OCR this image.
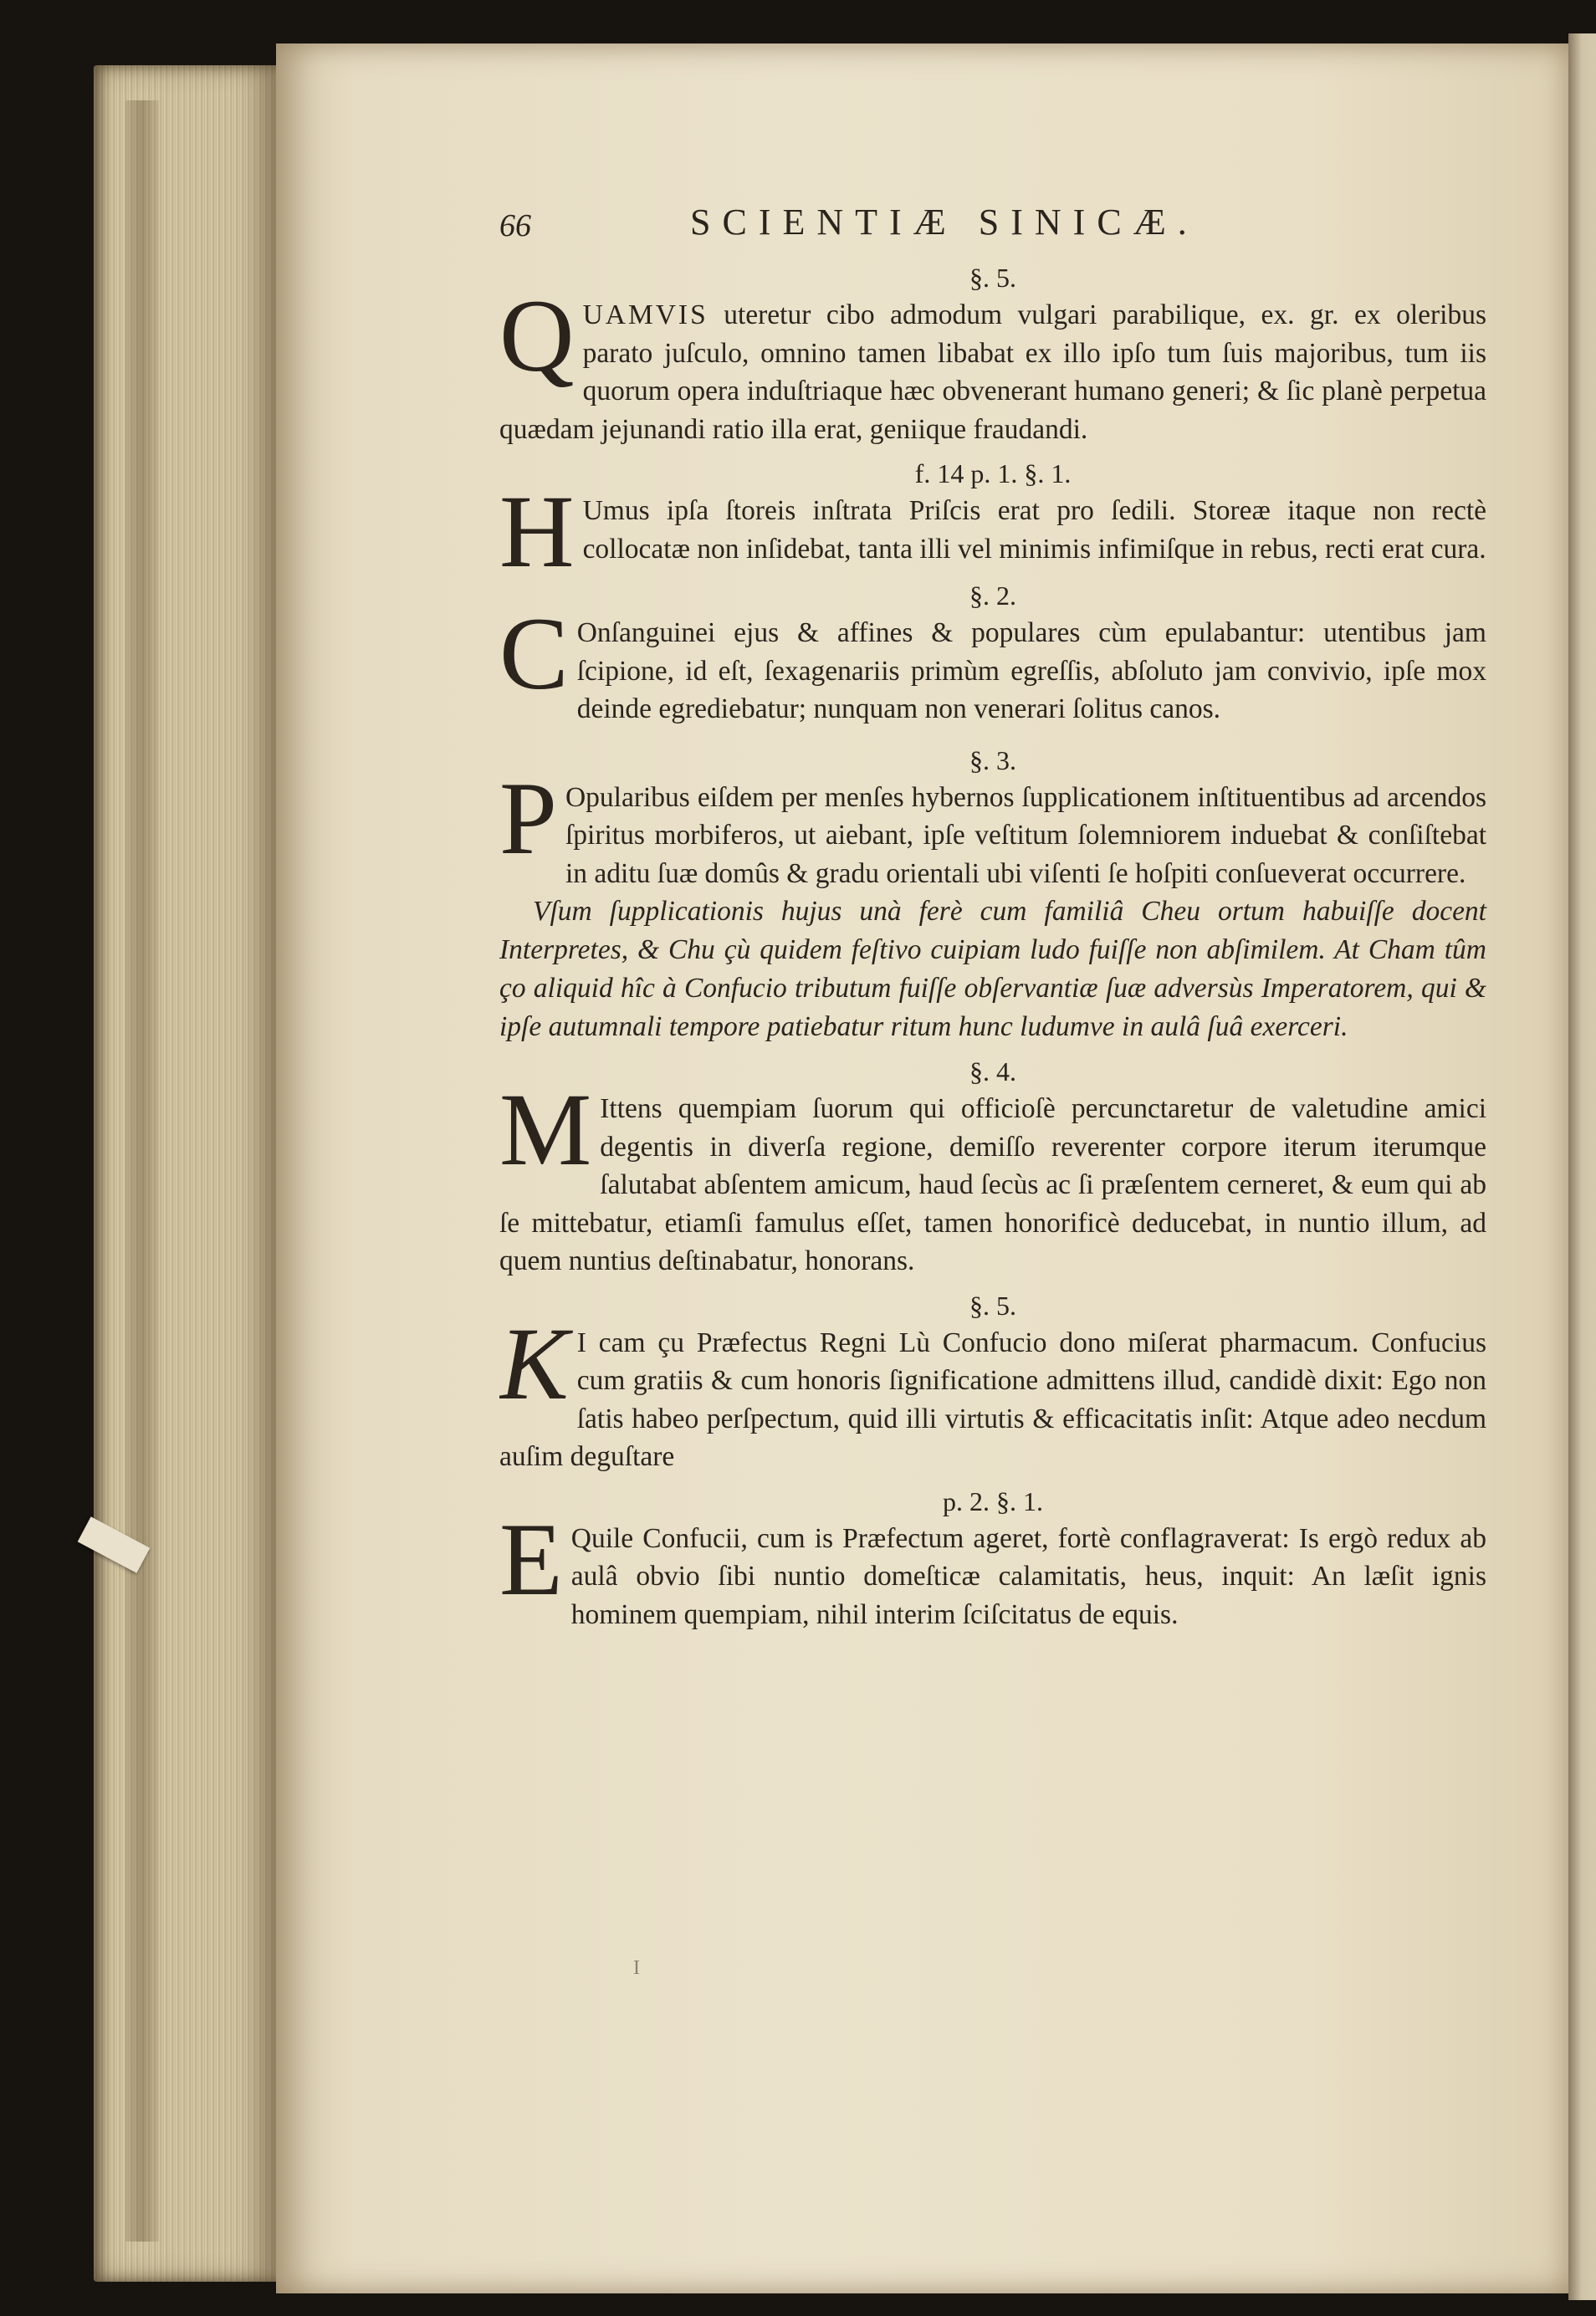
66	SCIENTIÆ SINICÆ.
§. 5.

QUAMVIS uteretur cibo admodum vulgari parabilique, ex. gr. ex oleribus parato juſculo, omnino tamen libabat ex illo ipſo tum ſuis majoribus, tum iis quorum opera induſtriaque hæc obvenerant humano generi; & ſic planè perpetua quædam jejunandi ratio illa erat, geniique fraudandi.

f. 14 p. 1. §. 1.

H Umus ipſa ſtoreis inſtrata Priſcis erat pro ſedili. Storeæ itaque non rectè collocatæ non inſidebat, tanta illi vel minimis infimiſque in rebus, recti erat cura.

§. 2.

C Onſanguinei ejus & affines & populares cùm epulabantur: utentibus jam ſcipione, id eſt, ſexagenariis primùm egreſſis, abſoluto jam convivio, ipſe mox deinde egrediebatur; nunquam non venerari ſolitus canos.

§. 3.

P Opularibus eiſdem per menſes hybernos ſupplicationem inſtituentibus ad arcendos ſpiritus morbiferos, ut aiebant, ipſe veſtitum ſolemniorem induebat & conſiſtebat in aditu ſuæ domûs & gradu orientali ubi viſenti ſe hoſpiti conſueverat occurrere.

Vſum ſupplicationis hujus unà ferè cum familiâ Cheu ortum habuiſſe docent Interpretes, & Chu çù quidem feſtivo cuipiam ludo fuiſſe non abſimilem. At Cham tûm ço aliquid hîc à Confucio tributum fuiſſe obſervantiæ ſuæ adversùs Imperatorem, qui & ipſe autumnali tempore patiebatur ritum hunc ludumve in aulâ ſuâ exerceri.

§. 4.

M Ittens quempiam ſuorum qui officioſè percunctaretur de valetudine amici degentis in diverſa regione, demiſſo reverenter corpore iterum iterumque ſalutabat abſentem amicum, haud ſecùs ac ſi præſentem cerneret, & eum qui ab ſe mittebatur, etiamſi famulus eſſet, tamen honorificè deducebat, in nuntio illum, ad quem nuntius deſtinabatur, honorans.

§. 5.

K I cam çu Præfectus Regni Lù Confucio dono miſerat pharmacum. Confucius cum gratiis & cum honoris ſignificatione admittens illud, candidè dixit: Ego non ſatis habeo perſpectum, quid illi virtutis & efficacitatis inſit: Atque adeo necdum auſim deguſtare

p. 2. §. 1.

E Quile Confucii, cum is Præfectum ageret, fortè conflagraverat: Is ergò redux ab aulâ obvio ſibi nuntio domeſticæ calamitatis, heus, inquit: An læſit ignis hominem quempiam, nihil interim ſciſcitatus de equis.

I
